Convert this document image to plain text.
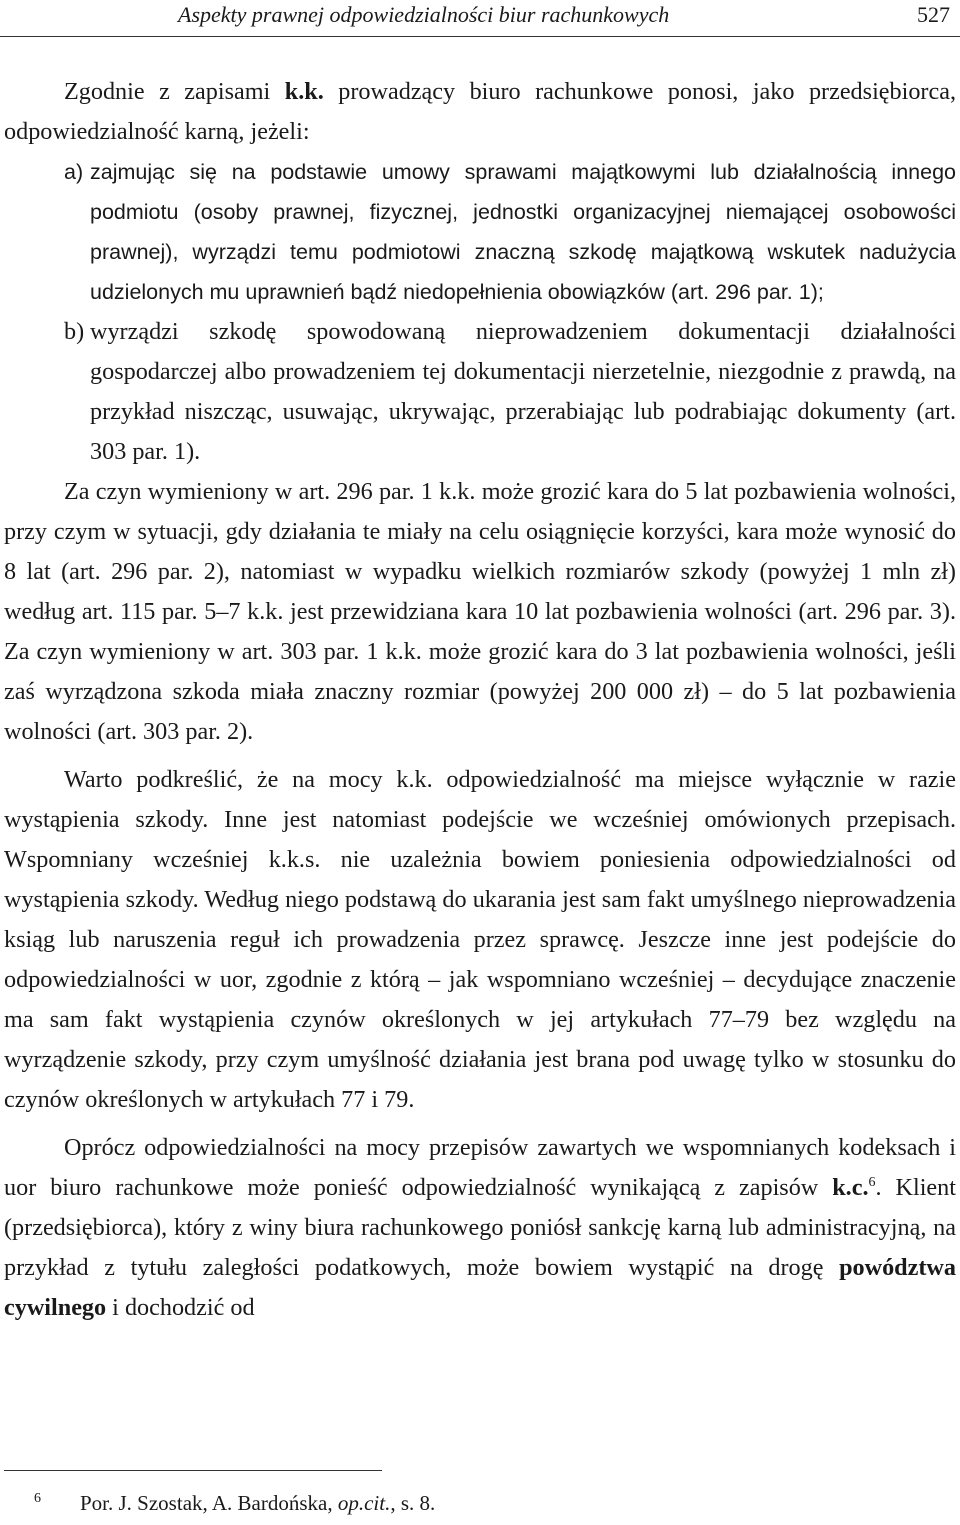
Aspekty prawnej odpowiedzialności biur rachunkowych	527

Zgodnie z zapisami k.k. prowadzący biuro rachunkowe ponosi, jako przedsiębiorca, odpowiedzialność karną, jeżeli:

a) zajmując się na podstawie umowy sprawami majątkowymi lub działalnością innego podmiotu (osoby prawnej, fizycznej, jednostki organizacyjnej niemającej osobowości prawnej), wyrządzi temu podmiotowi znaczną szkodę majątkową wskutek nadużycia udzielonych mu uprawnień bądź niedopełnienia obowiązków (art. 296 par. 1);

b) wyrządzi szkodę spowodowaną nieprowadzeniem dokumentacji działalności gospodarczej albo prowadzeniem tej dokumentacji nierzetelnie, niezgodnie z prawdą, na przykład niszcząc, usuwając, ukrywając, przerabiając lub podrabiając dokumenty (art. 303 par. 1).

Za czyn wymieniony w art. 296 par. 1 k.k. może grozić kara do 5 lat pozbawienia wolności, przy czym w sytuacji, gdy działania te miały na celu osiągnięcie korzyści, kara może wynosić do 8 lat (art. 296 par. 2), natomiast w wypadku wielkich rozmiarów szkody (powyżej 1 mln zł) według art. 115 par. 5–7 k.k. jest przewidziana kara 10 lat pozbawienia wolności (art. 296 par. 3). Za czyn wymieniony w art. 303 par. 1 k.k. może grozić kara do 3 lat pozbawienia wolności, jeśli zaś wyrządzona szkoda miała znaczny rozmiar (powyżej 200 000 zł) – do 5 lat pozbawienia wolności (art. 303 par. 2).

Warto podkreślić, że na mocy k.k. odpowiedzialność ma miejsce wyłącznie w razie wystąpienia szkody. Inne jest natomiast podejście we wcześniej omówionych przepisach. Wspomniany wcześniej k.k.s. nie uzależnia bowiem poniesienia odpowiedzialności od wystąpienia szkody. Według niego podstawą do ukarania jest sam fakt umyślnego nieprowadzenia ksiąg lub naruszenia reguł ich prowadzenia przez sprawcę. Jeszcze inne jest podejście do odpowiedzialności w uor, zgodnie z którą – jak wspomniano wcześniej – decydujące znaczenie ma sam fakt wystąpienia czynów określonych w jej artykułach 77–79 bez względu na wyrządzenie szkody, przy czym umyślność działania jest brana pod uwagę tylko w stosunku do czynów określonych w artykułach 77 i 79.

Oprócz odpowiedzialności na mocy przepisów zawartych we wspomnianych kodeksach i uor biuro rachunkowe może ponieść odpowiedzialność wynikającą z zapisów k.c.$^6$. Klient (przedsiębiorca), który z winy biura rachunkowego poniósł sankcję karną lub administracyjną, na przykład z tytułu zaległości podatkowych, może bowiem wystąpić na drogę powództwa cywilnego i dochodzić od

6 Por. J. Szostak, A. Bardońska, op.cit., s. 8.
